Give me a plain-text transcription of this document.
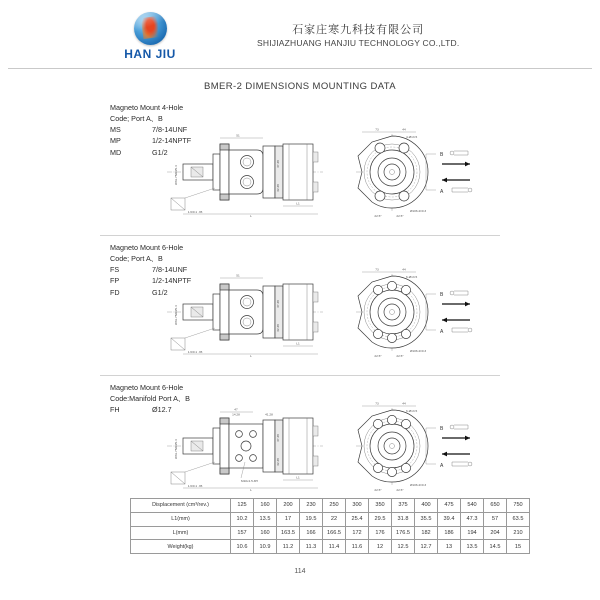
HAN JIU
石家庄寒九科技有限公司
SHIJIAZHUANG HANJIU TECHNOLOGY CO.,LTD.
BMER-2 DIMENSIONS MOUNTING DATA
Magneto Mount 4-Hole
Code; Port A、B
MS	7/8-14UNF
MP	1/2-14NPTF
MD	G1/2
51
L1
L
Ø31.75/Ø25.4
1.6/0.1 .35
37.38
32.38
73	44
4-Ø13.5
Ø106.4±0.3
22.5°	22.5°
B
A
Magneto Mount 6-Hole
Code; Port A、B
FS	7/8-14UNF
FP	1/2-14NPTF
FD	G1/2
51
L1
L
Ø31.75/Ø25.4
1.6/0.1 .35
37.38
32.38
73	44
6-Ø13.5
Ø106.4±0.3
22.5°	22.5°
B
A
Magneto Mount 6-Hole
Code:Manifold Port A、B
FH	Ø12.7	47
14.28	41.28
L1
L
Ø31.75/Ø25.4
1.6/0.1 .35
M10x1.5-8H
37.38
32.38
73	44
6-Ø13.5
Ø106.4±0.3
22.5°	22.5°
B
A
Displacement (cm³/rev.)	125	160	200	230	250	300	350	375	400	475	540	650	750
L1(mm)	10.2	13.5	17	19.5	22	25.4	29.5	31.8	35.5	39.4	47.3	57	63.5
L(mm)	157	160	163.5	166	166.5	172	176	176.5	182	186	194	204	210
Weight(kg)	10.6	10.9	11.2	11.3	11.4	11.6	12	12.5	12.7	13	13.5	14.5	15
114
